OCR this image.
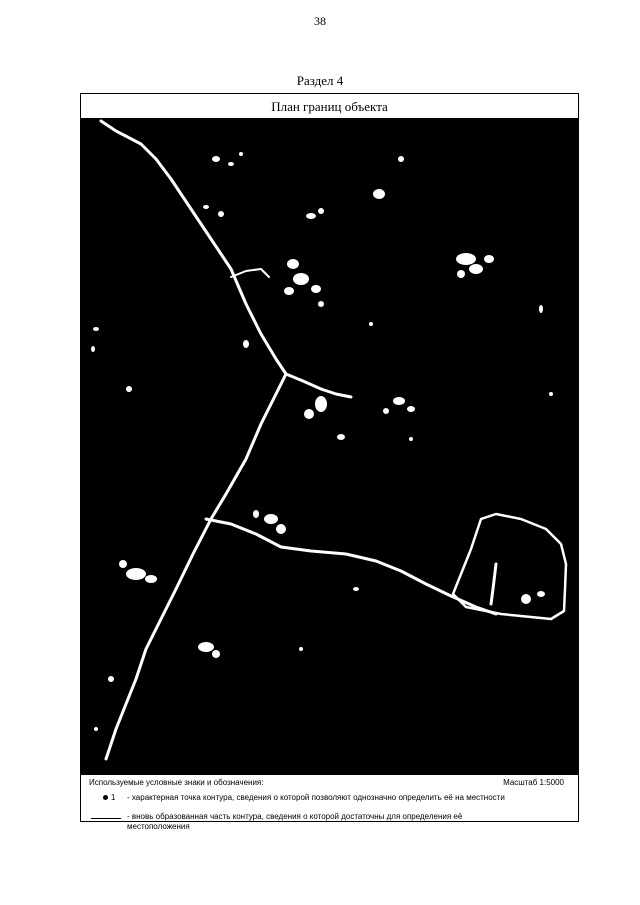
38
Раздел 4
План границ объекта
Используемые условные знаки и обозначения:	Масштаб 1:5000
1 - характерная точка контура, сведения о которой позволяют однозначно определить её на местности
- вновь образованная часть контура, сведения о которой достаточны для определения её местоположения
